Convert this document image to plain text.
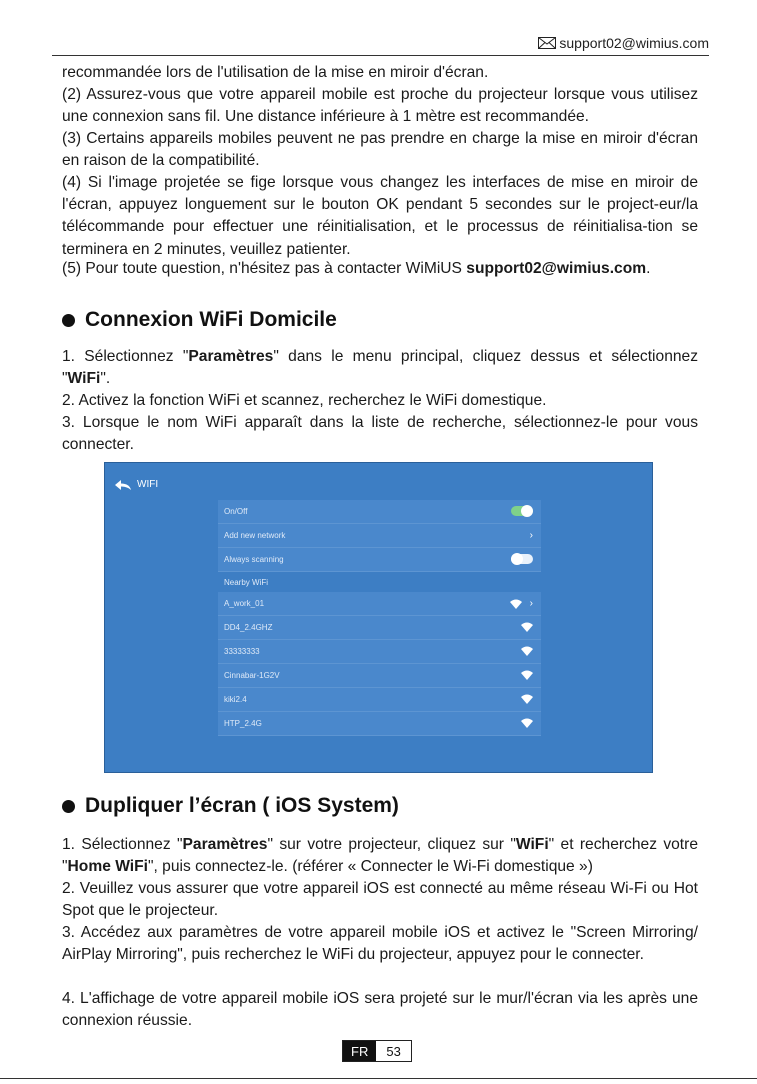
support02@wimius.com

recommandée lors de l'utilisation de la mise en miroir d'écran.

(2) Assurez-vous que votre appareil mobile est proche du projecteur lorsque vous utilisez une connexion sans fil. Une distance inférieure à 1 mètre est recommandée.

(3) Certains appareils mobiles peuvent ne pas prendre en charge la mise en miroir d'écran en raison de la compatibilité.

(4) Si l'image projetée se fige lorsque vous changez les interfaces de mise en miroir de l'écran, appuyez longuement sur le bouton OK pendant 5 secondes sur le project-eur/la télécommande pour effectuer une réinitialisation, et le processus de réinitialisa-tion se terminera en 2 minutes, veuillez patienter.

(5) Pour toute question, n'hésitez pas à contacter WiMiUS support02@wimius.com.

Connexion WiFi Domicile

1. Sélectionnez "Paramètres" dans le menu principal, cliquez dessus et sélectionnez "WiFi".

2. Activez la fonction WiFi et scannez, recherchez le WiFi domestique.

3. Lorsque le nom WiFi apparaît dans la liste de recherche, sélectionnez-le pour vous connecter.

WIFI
On/Off
Add new network	›
Always scanning
Nearby WiFi
A_work_01	›
DD4_2.4GHZ
33333333
Cinnabar-1G2V
kiki2.4
HTP_2.4G
Dupliquer l’écran ( iOS System)

1. Sélectionnez "Paramètres" sur votre projecteur, cliquez sur "WiFi" et recherchez votre "Home WiFi", puis connectez-le. (référer « Connecter le Wi-Fi domestique »)

2. Veuillez vous assurer que votre appareil iOS est connecté au même réseau Wi-Fi ou Hot Spot que le projecteur.

3. Accédez aux paramètres de votre appareil mobile iOS et activez le "Screen Mirroring/ AirPlay Mirroring", puis recherchez le WiFi du projecteur, appuyez pour le connecter.

4. L'affichage de votre appareil mobile iOS sera projeté sur le mur/l'écran via les après une connexion réussie.

FR	53
